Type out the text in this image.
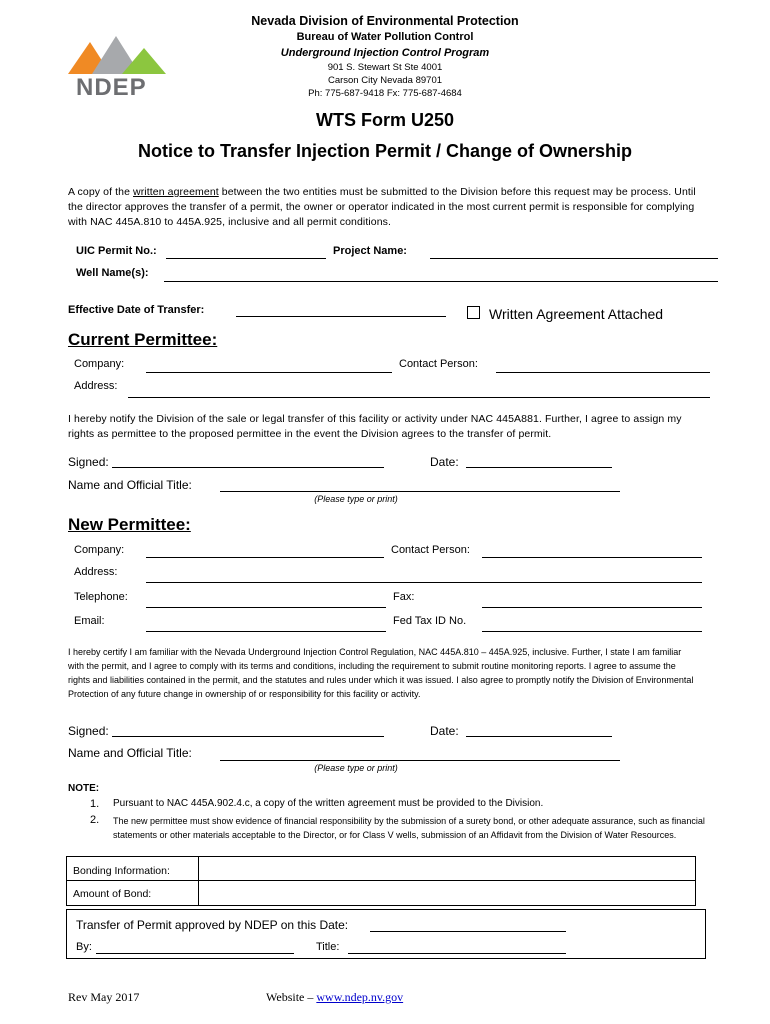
NDEP
Nevada Division of Environmental Protection
Bureau of Water Pollution Control
Underground Injection Control Program
901 S. Stewart St Ste 4001
Carson City Nevada 89701
Ph: 775-687-9418 Fx: 775-687-4684
WTS Form U250
Notice to Transfer Injection Permit / Change of Ownership
A copy of the written agreement between the two entities must be submitted to the Division before this request may be process. Until the director approves the transfer of a permit, the owner or operator indicated in the most current permit is responsible for complying with NAC 445A.810 to 445A.925, inclusive and all permit conditions.
UIC Permit No.:	Project Name:
Well Name(s):
Effective Date of Transfer:	Written Agreement Attached
Current Permittee:
Company:	Contact Person:
Address:
I hereby notify the Division of the sale or legal transfer of this facility or activity under NAC 445A881. Further, I agree to assign my rights as permittee to the proposed permittee in the event the Division agrees to the transfer of permit.
Signed:	Date:
Name and Official Title:
(Please type or print)
New Permittee:
Company:	Contact Person:
Address:
Telephone:	Fax:
Email:	Fed Tax ID No.
I hereby certify I am familiar with the Nevada Underground Injection Control Regulation, NAC 445A.810 – 445A.925, inclusive. Further, I state I am familiar with the permit, and I agree to comply with its terms and conditions, including the requirement to submit routine monitoring reports. I agree to assume the rights and liabilities contained in the permit, and the statutes and rules under which it was issued. I also agree to promptly notify the Division of Environmental Protection of any future change in ownership of or responsibility for this facility or activity.
Signed:	Date:
Name and Official Title:
(Please type or print)
NOTE:
1. Pursuant to NAC 445A.902.4.c, a copy of the written agreement must be provided to the Division.
2. The new permittee must show evidence of financial responsibility by the submission of a surety bond, or other adequate assurance, such as financial statements or other materials acceptable to the Director, or for Class V wells, submission of an Affidavit from the Division of Water Resources.
Bonding Information:
Amount of Bond:
Transfer of Permit approved by NDEP on this Date:
By:	Title:
Rev May 2017	Website – www.ndep.nv.gov
